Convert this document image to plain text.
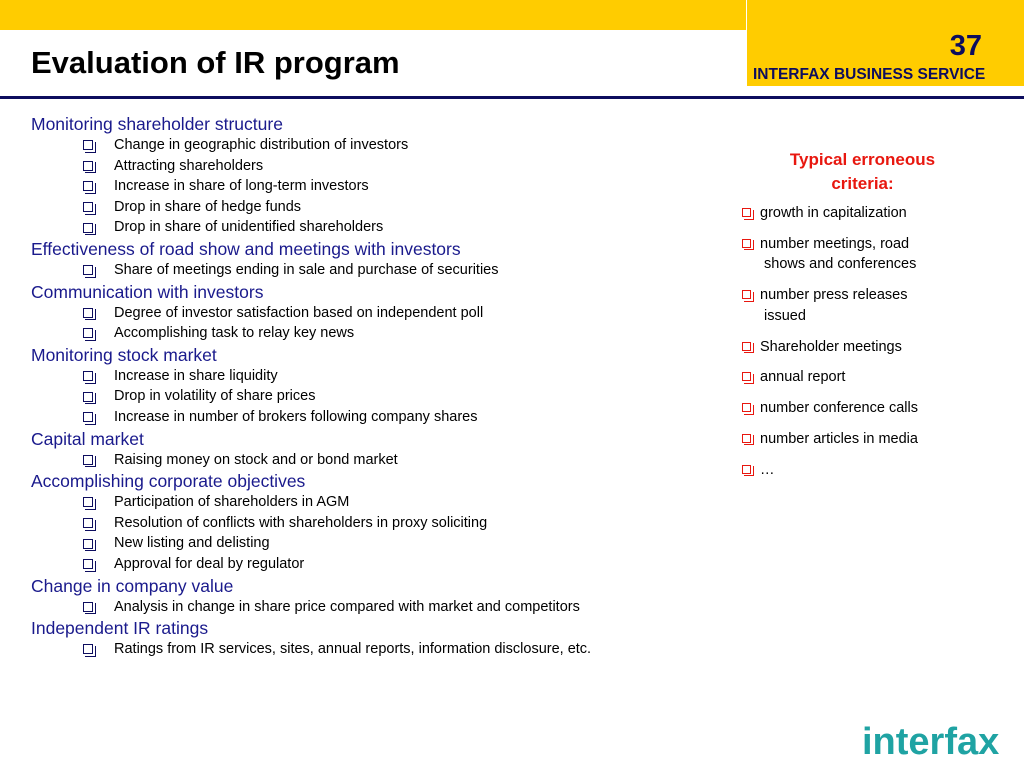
37
INTERFAX BUSINESS SERVICE
Evaluation of IR program
Monitoring shareholder structure
Change in geographic distribution of investors
Attracting shareholders
Increase in share of long-term investors
Drop in share of hedge funds
Drop in share of unidentified shareholders
Effectiveness of road show and meetings with investors
Share of meetings ending in sale and purchase of securities
Communication with investors
Degree of investor satisfaction based on independent poll
Accomplishing task to relay key news
Monitoring stock market
Increase in share liquidity
Drop in volatility of share prices
Increase in number of brokers following company shares
Capital market
Raising money on stock and or bond market
Accomplishing corporate objectives
Participation of shareholders in AGM
Resolution of conflicts with shareholders in proxy soliciting
New listing and delisting
Approval for deal by regulator
Change in company value
Analysis in change in share price compared with market and competitors
Independent IR ratings
Ratings from IR services, sites, annual reports, information disclosure, etc.
Typical erroneous
criteria:
growth in capitalization
number meetings, road
shows and conferences
number press releases
issued
Shareholder meetings
annual report
number conference calls
number articles in media
…
interfax
